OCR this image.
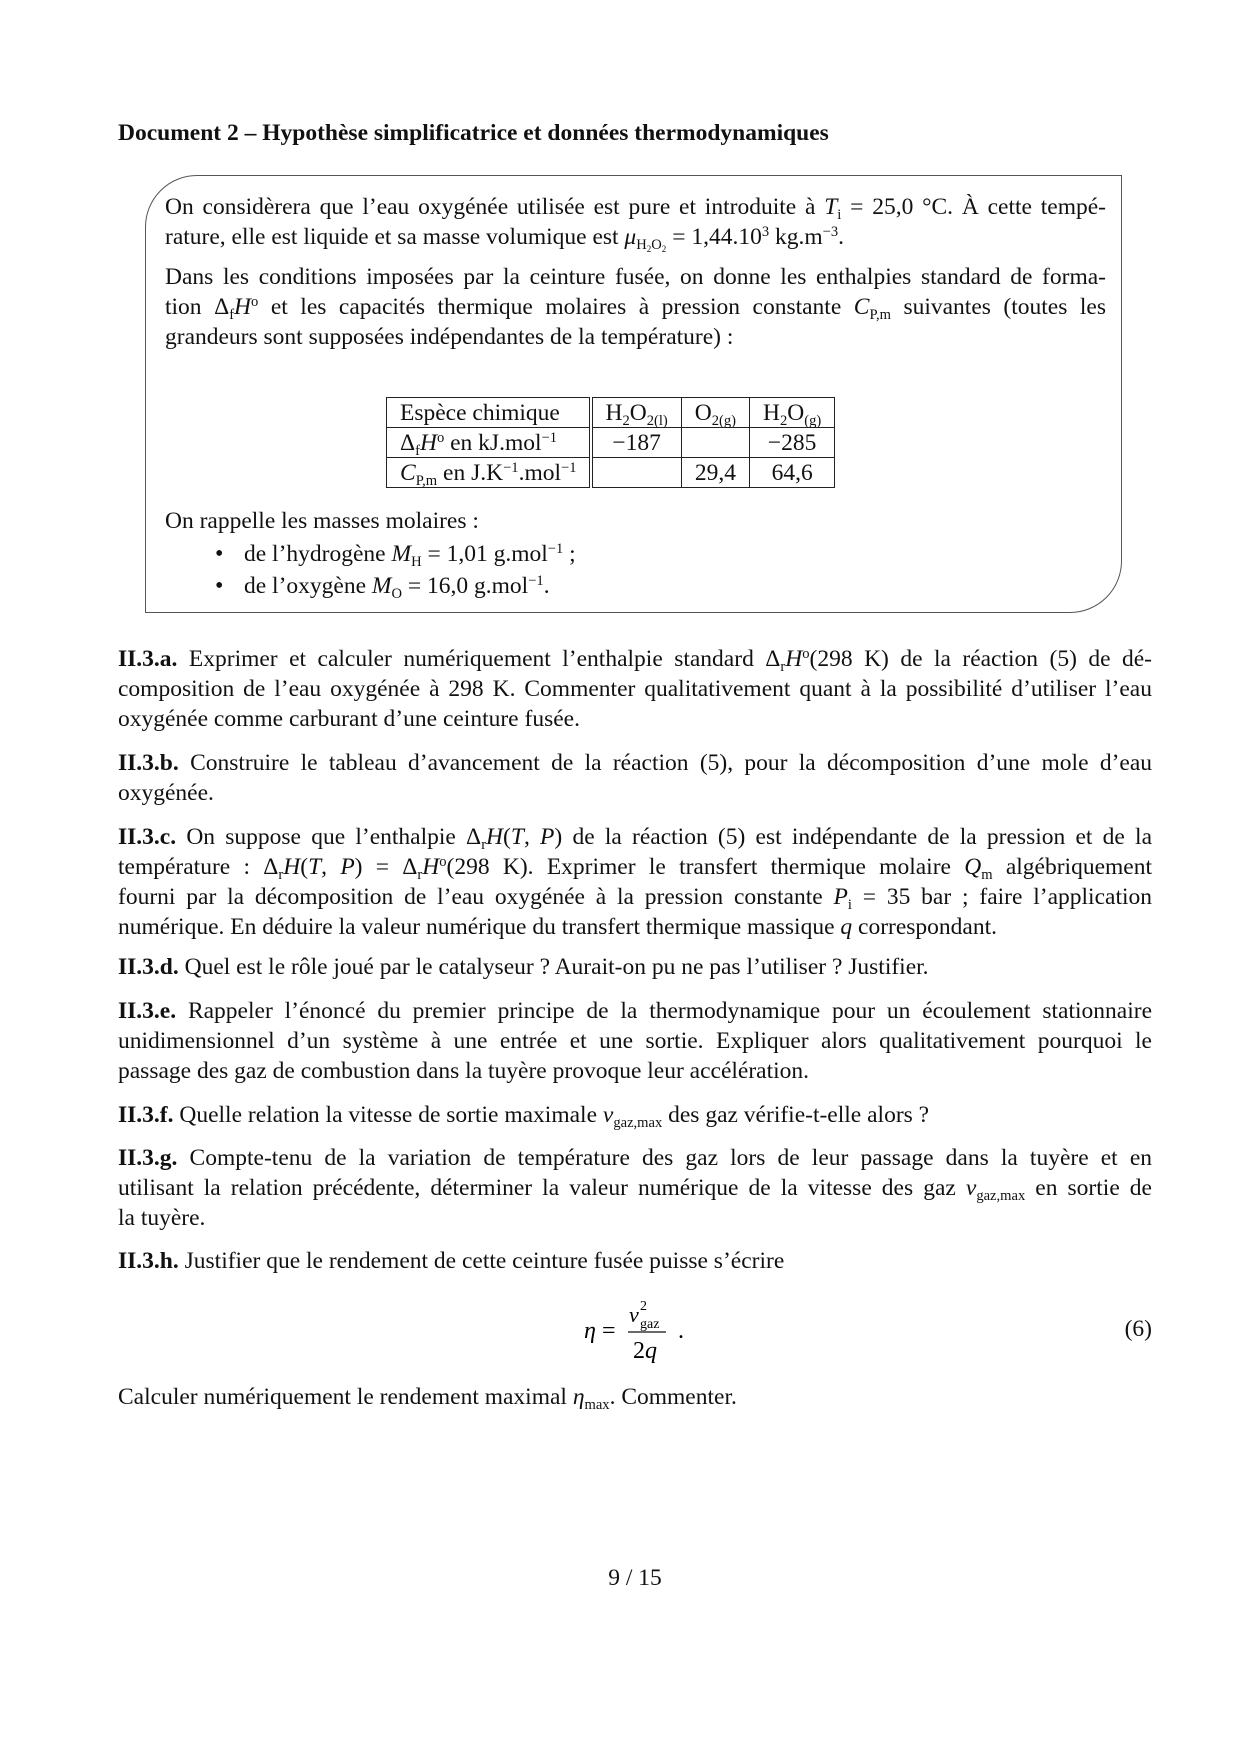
Document 2 – Hypothèse simplificatrice et données thermodynamiques

On considèrera que l’eau oxygénée utilisée est pure et introduite à $T_i = 25,0$ °C. À cette tempé-
rature, elle est liquide et sa masse volumique est $\mu_{H_2O_2} = 1,44.10^3$ $kg.m^{-3}$.

Dans les conditions imposées par la ceinture fusée, on donne les enthalpies standard de forma-
tion $\Delta_fH^o$ et les capacités thermique molaires à pression constante $C_{P,m}$ suivantes (toutes les
grandeurs sont supposées indépendantes de la température) :

Espèce chimique	$H_2O_{2(l)}$	$O_{2(g)}$	$H_2O_{(g)}$
$\Delta_fH^o$ en kJ.mol$^{-1}$	−187		−285
$C_{P,m}$ en $J.K^{-1}.mol^{-1}$		29,4	64,6
On rappelle les masses molaires :
• de l’hydrogène $M_H = 1,01$ g.mol$^{-1}$ ;
• de l’oxygène $M_O = 16,0$ g.mol$^{-1}$.
II.3.a. Exprimer et calculer numériquement l’enthalpie standard $\Delta_rH^o(298$ K) de la réaction (5) de dé-
composition de l’eau oxygénée à 298 K. Commenter qualitativement quant à la possibilité d’utiliser l’eau
oxygénée comme carburant d’une ceinture fusée.
II.3.b. Construire le tableau d’avancement de la réaction (5), pour la décomposition d’une mole d’eau
oxygénée.
II.3.c. On suppose que l’enthalpie $\Delta_rH(T$, P) de la réaction (5) est indépendante de la pression et de la
température : $\Delta_rH(T$, $P) = \Delta_rH^o(298$ K). Exprimer le transfert thermique molaire $Q_m$ algébriquement
fourni par la décomposition de l’eau oxygénée à la pression constante $P_i = 35$ bar ; faire l’application
numérique. En déduire la valeur numérique du transfert thermique massique q correspondant.
II.3.d. Quel est le rôle joué par le catalyseur ? Aurait-on pu ne pas l’utiliser ? Justifier.
II.3.e. Rappeler l’énoncé du premier principe de la thermodynamique pour un écoulement stationnaire
unidimensionnel d’un système à une entrée et une sortie. Expliquer alors qualitativement pourquoi le
passage des gaz de combustion dans la tuyère provoque leur accélération.
II.3.f. Quelle relation la vitesse de sortie maximale $v_{gaz,max}$ des gaz vérifie-t-elle alors ?
II.3.g. Compte-tenu de la variation de température des gaz lors de leur passage dans la tuyère et en
utilisant la relation précédente, déterminer la valeur numérique de la vitesse des gaz $v_{gaz,max}$ en sortie de
la tuyère.
II.3.h. Justifier que le rendement de cette ceinture fusée puisse s’écrire
η =
v 2
gaz
2q
.	(6)
Calculer numériquement le rendement maximal $\eta_{max}$. Commenter.
9 / 15
